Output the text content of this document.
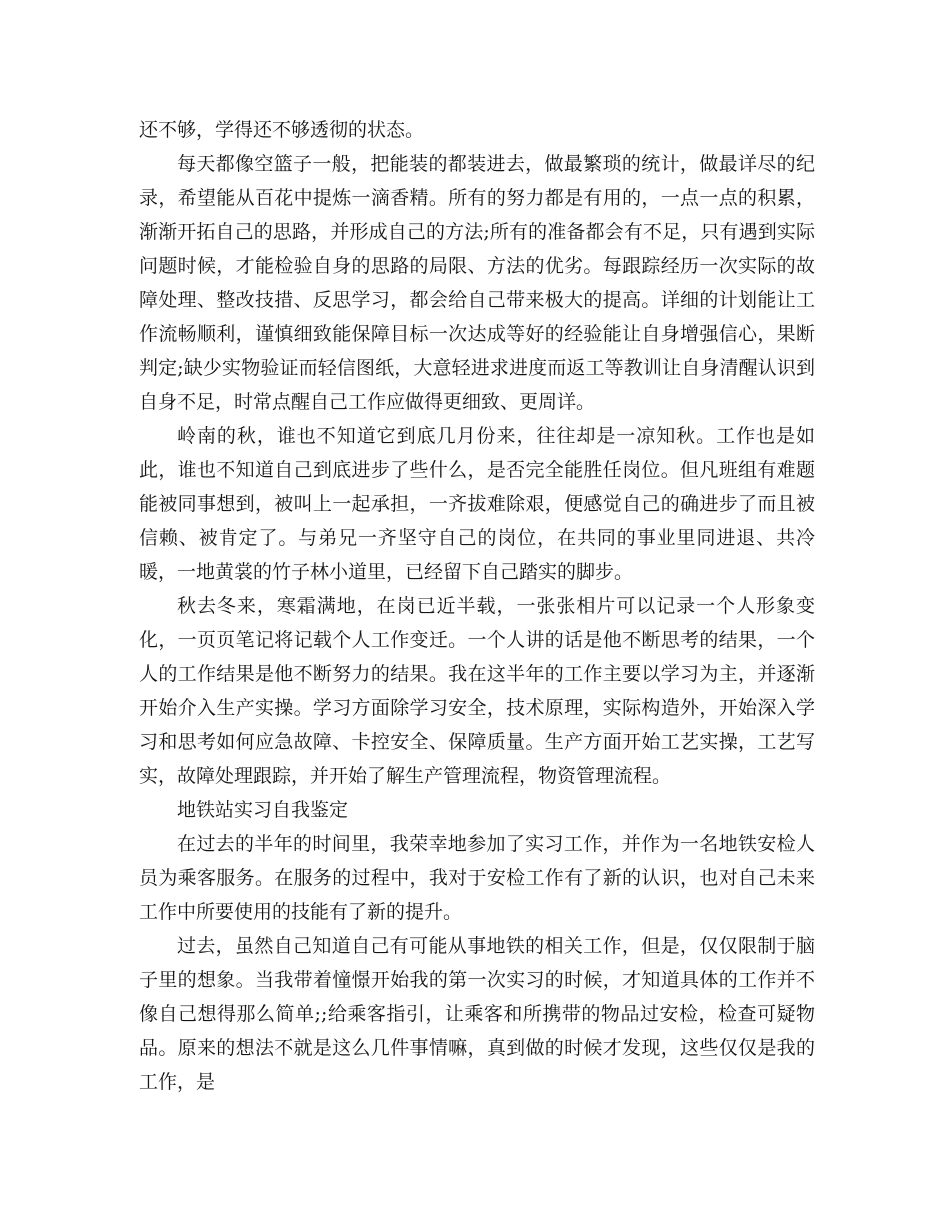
还不够，学得还不够透彻的状态。

每天都像空篮子一般，把能装的都装进去，做最繁琐的统计，做最详尽的纪录，希望能从百花中提炼一滴香精。所有的努力都是有用的，一点一点的积累，渐渐开拓自己的思路，并形成自己的方法;所有的准备都会有不足，只有遇到实际问题时候，才能检验自身的思路的局限、方法的优劣。每跟踪经历一次实际的故障处理、整改技措、反思学习，都会给自己带来极大的提高。详细的计划能让工作流畅顺利，谨慎细致能保障目标一次达成等好的经验能让自身增强信心，果断判定;缺少实物验证而轻信图纸，大意轻进求进度而返工等教训让自身清醒认识到自身不足，时常点醒自己工作应做得更细致、更周详。

岭南的秋，谁也不知道它到底几月份来，往往却是一凉知秋。工作也是如此，谁也不知道自己到底进步了些什么，是否完全能胜任岗位。但凡班组有难题能被同事想到，被叫上一起承担，一齐拔难除艰，便感觉自己的确进步了而且被信赖、被肯定了。与弟兄一齐坚守自己的岗位，在共同的事业里同进退、共冷暖，一地黄裳的竹子林小道里，已经留下自己踏实的脚步。

秋去冬来，寒霜满地，在岗已近半载，一张张相片可以记录一个人形象变化，一页页笔记将记载个人工作变迁。一个人讲的话是他不断思考的结果，一个人的工作结果是他不断努力的结果。我在这半年的工作主要以学习为主，并逐渐开始介入生产实操。学习方面除学习安全，技术原理，实际构造外，开始深入学习和思考如何应急故障、卡控安全、保障质量。生产方面开始工艺实操，工艺写实，故障处理跟踪，并开始了解生产管理流程，物资管理流程。

地铁站实习自我鉴定

在过去的半年的时间里，我荣幸地参加了实习工作，并作为一名地铁安检人员为乘客服务。在服务的过程中，我对于安检工作有了新的认识，也对自己未来工作中所要使用的技能有了新的提升。

过去，虽然自己知道自己有可能从事地铁的相关工作，但是，仅仅限制于脑子里的想象。当我带着憧憬开始我的第一次实习的时候，才知道具体的工作并不像自己想得那么简单;;给乘客指引，让乘客和所携带的物品过安检，检查可疑物品。原来的想法不就是这么几件事情嘛，真到做的时候才发现，这些仅仅是我的工作，是
